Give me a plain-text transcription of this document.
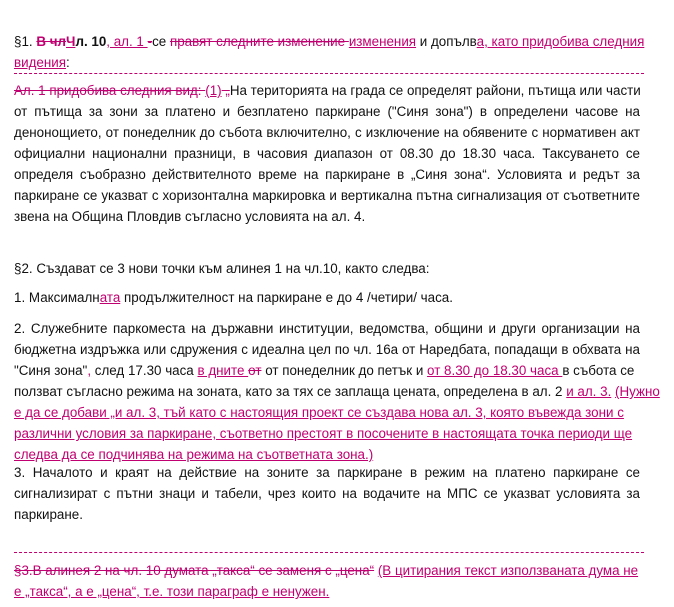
§1. В члЧл. 10, ал. 1 -се правят следните изменение изменения и допълва, като придобива следния
видения:
Ал. 1 придобива следния вид: (1) „На територията на града се определят райони, пътища или части
от пътища за зони за платено и безплатено паркиране ("Синя зона") в определени часове на
денонощието, от понеделник до събота включително, с изключение на обявените с нормативен акт
официални национални празници, в часовия диапазон от 08.30 до 18.30 часа. Таксуването се
определя съобразно действителното време на паркиране в „Синя зона“. Условията и редът за
паркиране се указват с хоризонтална маркировка и вертикална пътна сигнализация от съответните
звена на Община Пловдив съгласно условията на ал. 4.
§2. Създават се 3 нови точки към алинея 1 на чл.10, както следва:
1. Максималната продължителност на паркиране е до 4 /четири/ часа.
2. Служебните паркоместа на държавни институции, ведомства, общини и други организации на
бюджетна издръжка или сдружения с идеална цел по чл. 16а от Наредбата, попадащи в обхвата на
"Синя зона", след 17.30 часа в дните от от понеделник до петък и от 8.30 до 18.30 часа в събота се
ползват съгласно режима на зоната, като за тях се заплаща цената, определена в ал. 2 и ал. 3. (Нужно
е да се добави „и ал. 3, тъй като с настоящия проект се създава нова ал. 3, която въвежда зони с
различни условия за паркиране, съответно престоят в посочените в настоящата точка периоди ще
следва да се подчинява на режима на съответната зона.)
3. Началото и краят на действие на зоните за паркиране в режим на платено паркиране се
сигнализират с пътни знаци и табели, чрез които на водачите на МПС се указват условията за
паркиране.
§3.В алинея 2 на чл. 10 думата „такса“ се заменя с „цена“ (В цитирания текст използваната дума не
е „такса“, а е „цена“, т.е. този параграф е ненужен.
